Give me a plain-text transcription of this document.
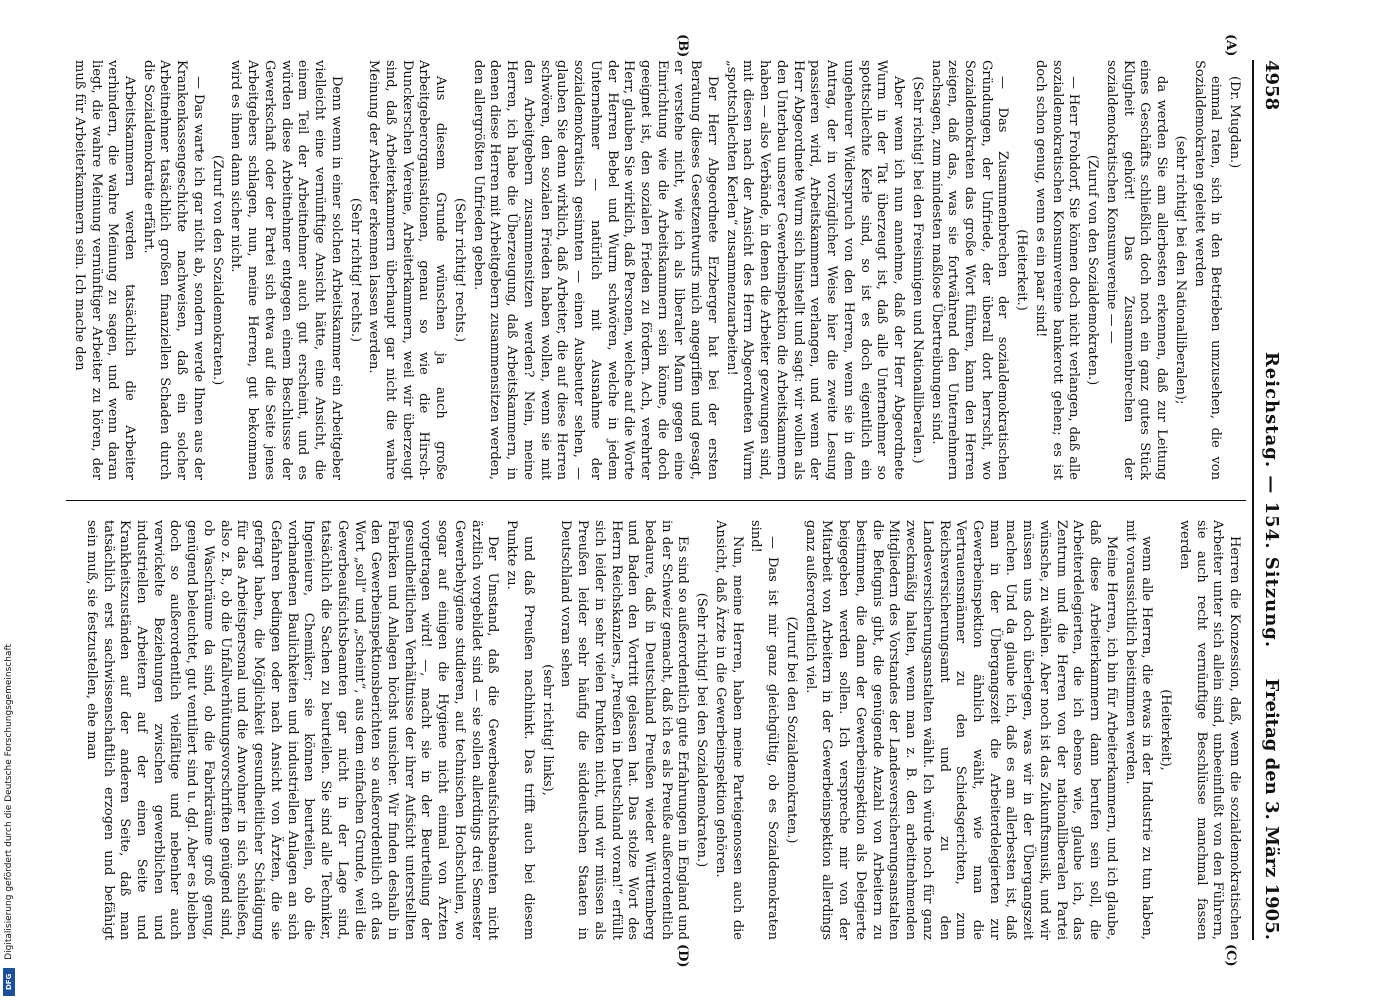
4958
Reichstag. — 154. Sitzung.
Freitag den 3. März 1905.
(A)
(B)
(C)
(D)

(Dr. Mugdan.)

einmal raten, sich in den Betrieben umzusehen, die von Sozialdemokraten geleitet werden

(sehr richtig! bei den Nationalliberalen);

da werden Sie am allerbesten erkennen, daß zur Leitung eines Geschäfts schließlich doch noch ein ganz gutes Stück Klugheit gehört! Das Zusammenbrechen der sozialdemokratischen Konsumvereine — —

(Zuruf von den Sozialdemokraten.)

— Herr Frohdorf, Sie können doch nicht verlangen, daß alle sozialdemokratischen Konsumvereine bankerott gehen; es ist doch schon genug, wenn es ein paar sind!

(Heiterkeit.)

— Das Zusammenbrechen der sozialdemokratischen Gründungen, der Unfriede, der überall dort herrscht, wo Sozialdemokraten das große Wort führen, kann den Herren zeigen, daß das, was sie fortwährend den Unternehmern nachsagen, zum mindesten maßlose Übertreibungen sind.

(Sehr richtig! bei den Freisinnigen und Nationalliberalen.)

Aber wenn ich nun annehme, daß der Herr Abgeordnete Wurm in der Tat überzeugt ist, daß alle Unternehmer so spottschlechte Kerle sind, so ist es doch eigentlich ein ungeheurer Widerspruch von den Herren, wenn sie in dem Antrag, der in vorzüglicher Weise hier die zweite Lesung passieren wird, Arbeitskammern verlangen, und wenn der Herr Abgeordnete Wurm sich hinstellt und sagt: wir wollen als den Unterbau unserer Gewerbeinspektion die Arbeitskammern haben — also Verbände, in denen die Arbeiter gezwungen sind, mit diesen nach der Ansicht des Herrn Abgeordneten Wurm „spottschlechten Kerlen“ zusammenzuarbeiten!

Der Herr Abgeordnete Erzberger hat bei der ersten Beratung dieses Gesetzentwurfs mich angegriffen und gesagt, er verstehe nicht, wie ich als liberaler Mann gegen eine Einrichtung wie die Arbeitskammern sein könne, die doch geeignet ist, den sozialen Frieden zu fördern. Ach, verehrter Herr, glauben Sie wirklich, daß Personen, welche auf die Worte der Herren Bebel und Wurm schwören, welche in jedem Unternehmer — natürlich mit Ausnahme der sozialdemokratisch gesinnten — einen Ausbeuter sehen, — glauben Sie denn wirklich, daß Arbeiter, die auf diese Herren schwören, den sozialen Frieden haben wollen, wenn sie mit den Arbeitgebern zusammensitzen werden? Nein, meine Herren, ich habe die Überzeugung, daß Arbeitskammern, in denen diese Herren mit Arbeitgebern zusammensitzen werden, den allergrößten Unfrieden geben.

(Sehr richtig! rechts.)

Aus diesem Grunde wünschen ja auch große Arbeitgeberorganisationen, genau so wie die Hirsch-Dunckerschen Vereine, Arbeiterkammern, weil wir überzeugt sind, daß Arbeiterkammern überhaupt gar nicht die wahre Meinung der Arbeiter erkennen lassen werden.

(Sehr richtig! rechts.)

Denn wenn in einer solchen Arbeitskammer ein Arbeitgeber vielleicht eine vernünftige Ansicht hätte, eine Ansicht, die einem Teil der Arbeitnehmer auch gut erscheint, und es würden diese Arbeitnehmer entgegen einem Beschlusse der Gewerkschaft oder der Partei sich etwa auf die Seite jenes Arbeitgebers schlagen, nun, meine Herren, gut bekommen wird es ihnen dann sicher nicht.

(Zuruf von den Sozialdemokraten.)

— Das warte ich gar nicht ab, sondern werde Ihnen aus der Krankenkassengeschichte nachweisen, daß ein solcher Arbeitnehmer tatsächlich großen finanziellen Schaden durch die Sozialdemokratie erfährt.

Arbeitskammern werden tatsächlich die Arbeiter verhindern, die wahre Meinung zu sagen, und wenn daran liegt, die wahre Meinung vernünftiger Arbeiter zu hören, der muß für Arbeiterkammern sein. Ich mache den

Herren die Konzession, daß, wenn die sozialdemokratischen Arbeiter unter sich allein sind, unbeeinflußt von den Führern, sie auch recht vernünftige Beschlüsse manchmal fassen werden

(Heiterkeit),

wenn alle Herren, die etwas in der Industrie zu tun haben, mit voraussichtlich beistimmen werden.

Meine Herren, ich bin für Arbeiterkammern, und ich glaube, daß diese Arbeiterkammern dann berufen sein soll, die Arbeiterdelegierten, die ich ebenso wie, glaube ich, das Zentrum und die Herren von der nationalliberalen Partei wünsche, zu wählen. Aber noch ist das Zukunftsmusik, und wir müssen uns doch überlegen, was wir in der Übergangszeit machen. Und da glaube ich, daß es am allerbesten ist, daß man in der Übergangszeit die Arbeiterdelegierten zur Gewerbeinspektion ähnlich wählt, wie man die Vertrauensmänner zu den Schiedsgerichten, zum Reichsversicherungsamt und zu den Landesversicherungsanstalten wählt. Ich würde noch für ganz zweckmäßig halten, wenn man z. B. den arbeitnehmenden Mitgliedern des Vorstandes der Landesversicherungsanstalten die Befugnis gibt, die genügende Anzahl von Arbeitern zu bestimmen, die dann der Gewerbeinspektion als Delegierte beigegeben werden sollen. Ich verspreche mir von der Mitarbeit von Arbeitern in der Gewerbeinspektion allerdings ganz außerordentlich viel.

(Zuruf bei den Sozialdemokraten.)

— Das ist mir ganz gleichgültig, ob es Sozialdemokraten sind!

Nun, meine Herren, haben meine Parteigenossen auch die Ansicht, daß Ärzte in die Gewerbeinspektion gehören.

(Sehr richtig! bei den Sozialdemokraten.)

Es sind so außerordentlich gute Erfahrungen in England und in der Schweiz gemacht, daß ich es als Preuße außerordentlich bedaure, daß in Deutschland Preußen wieder Württemberg und Baden den Vortritt gelassen hat. Das stolze Wort des Herrn Reichskanzlers, „Preußen in Deutschland voran!“ erfüllt sich leider in sehr vielen Punkten nicht, und wir müssen als Preußen leider sehr häufig die süddeutschen Staaten in Deutschland voran sehen

(sehr richtig! links),

und daß Preußen nachhinkt. Das trifft auch bei diesem Punkte zu.

Der Umstand, daß die Gewerbeaufsichtsbeamten nicht ärztlich vorgebildet sind — sie sollen allerdings drei Semester Gewerbehygiene studieren, auf technischen Hochschulen, wo sogar auf einigen die Hygiene nicht einmal von Ärzten vorgetragen wird! —, macht sie in der Beurteilung der gesundheitlichen Verhältnisse der ihrer Aufsicht unterstellten Fabriken und Anlagen höchst unsicher. Wir finden deshalb in den Gewerbeinspektionsberichten so außerordentlich oft das Wort „soll“ und „scheint“, aus dem einfachen Grunde, weil die Gewerbeaufsichtsbeamten gar nicht in der Lage sind, tatsächlich die Sachen zu beurteilen. Sie sind alle Techniker, Ingenieure, Chemiker; sie können beurteilen, ob die vorhandenen Baulichkeiten und industriellen Anlagen an sich Gefahren bedingen oder nach Ansicht von Ärzten, die sie gefragt haben, die Möglichkeit gesundheitlicher Schädigung für das Arbeitspersonal und die Anwohner in sich schließen, also z. B., ob die Unfallverhütungsvorschriften genügend sind, ob Waschräume da sind, ob die Fabrikräume groß genug, genügend beleuchtet, gut ventiliert sind u. dgl. Aber es bleiben doch so außerordentlich vielfältige und nebenher auch verwickelte Beziehungen zwischen gewerblichen und industriellen Arbeitern auf der einen Seite und Krankheitszuständen auf der anderen Seite, daß man tatsächlich erst sachwissenschaftlich erzogen und befähigt sein muß, sie festzustellen, ehe man

Digitalisierung gefördert durch die Deutsche Forschungsgemeinschaft
DFG
